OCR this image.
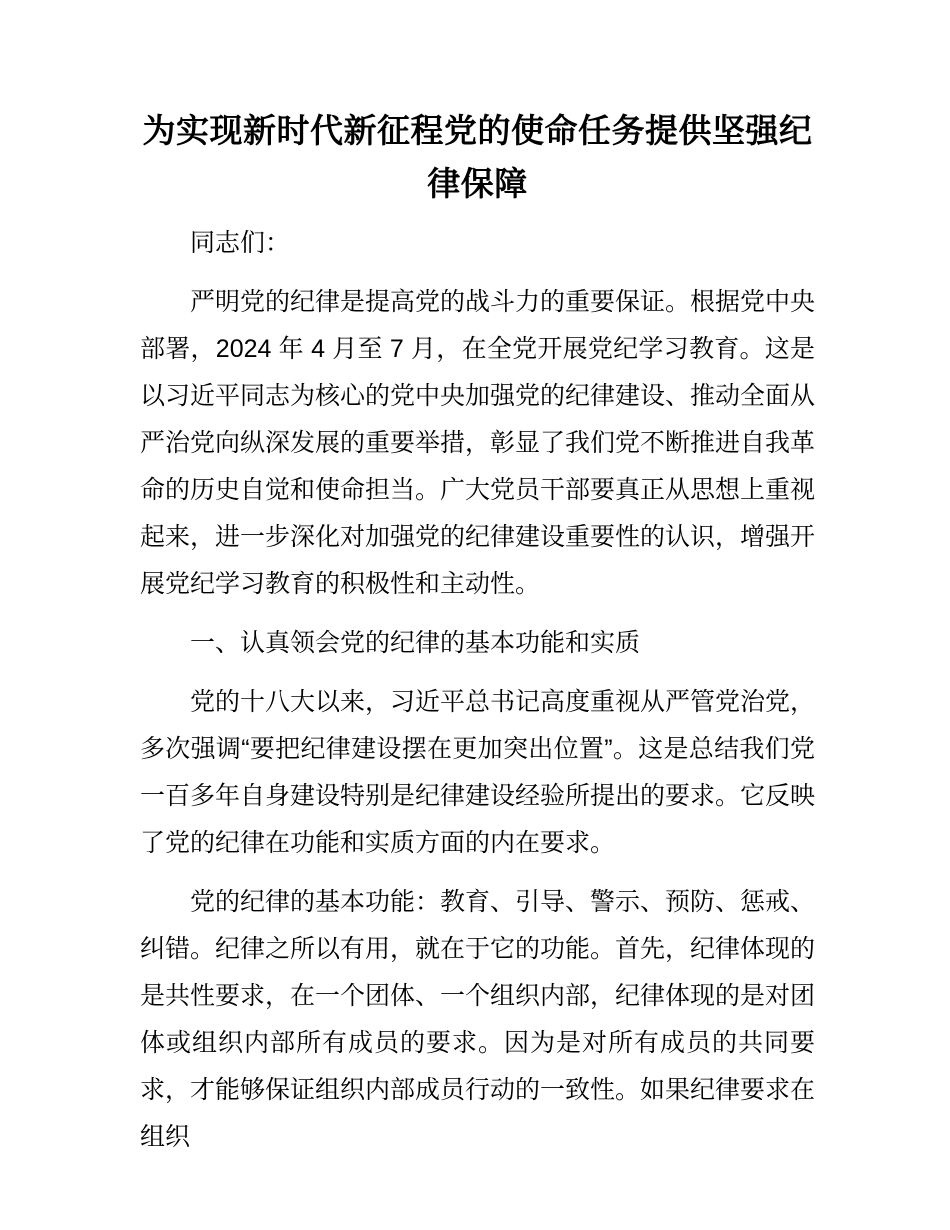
为实现新时代新征程党的使命任务提供坚强纪律保障

同志们：

严明党的纪律是提高党的战斗力的重要保证。根据党中央部署，2024 年 4 月至 7 月，在全党开展党纪学习教育。这是以习近平同志为核心的党中央加强党的纪律建设、推动全面从严治党向纵深发展的重要举措，彰显了我们党不断推进自我革命的历史自觉和使命担当。广大党员干部要真正从思想上重视起来，进一步深化对加强党的纪律建设重要性的认识，增强开展党纪学习教育的积极性和主动性。

一、认真领会党的纪律的基本功能和实质

党的十八大以来，习近平总书记高度重视从严管党治党，多次强调“要把纪律建设摆在更加突出位置”。这是总结我们党一百多年自身建设特别是纪律建设经验所提出的要求。它反映了党的纪律在功能和实质方面的内在要求。

党的纪律的基本功能：教育、引导、警示、预防、惩戒、纠错。纪律之所以有用，就在于它的功能。首先，纪律体现的是共性要求，在一个团体、一个组织内部，纪律体现的是对团体或组织内部所有成员的要求。因为是对所有成员的共同要求，才能够保证组织内部成员行动的一致性。如果纪律要求在组织
